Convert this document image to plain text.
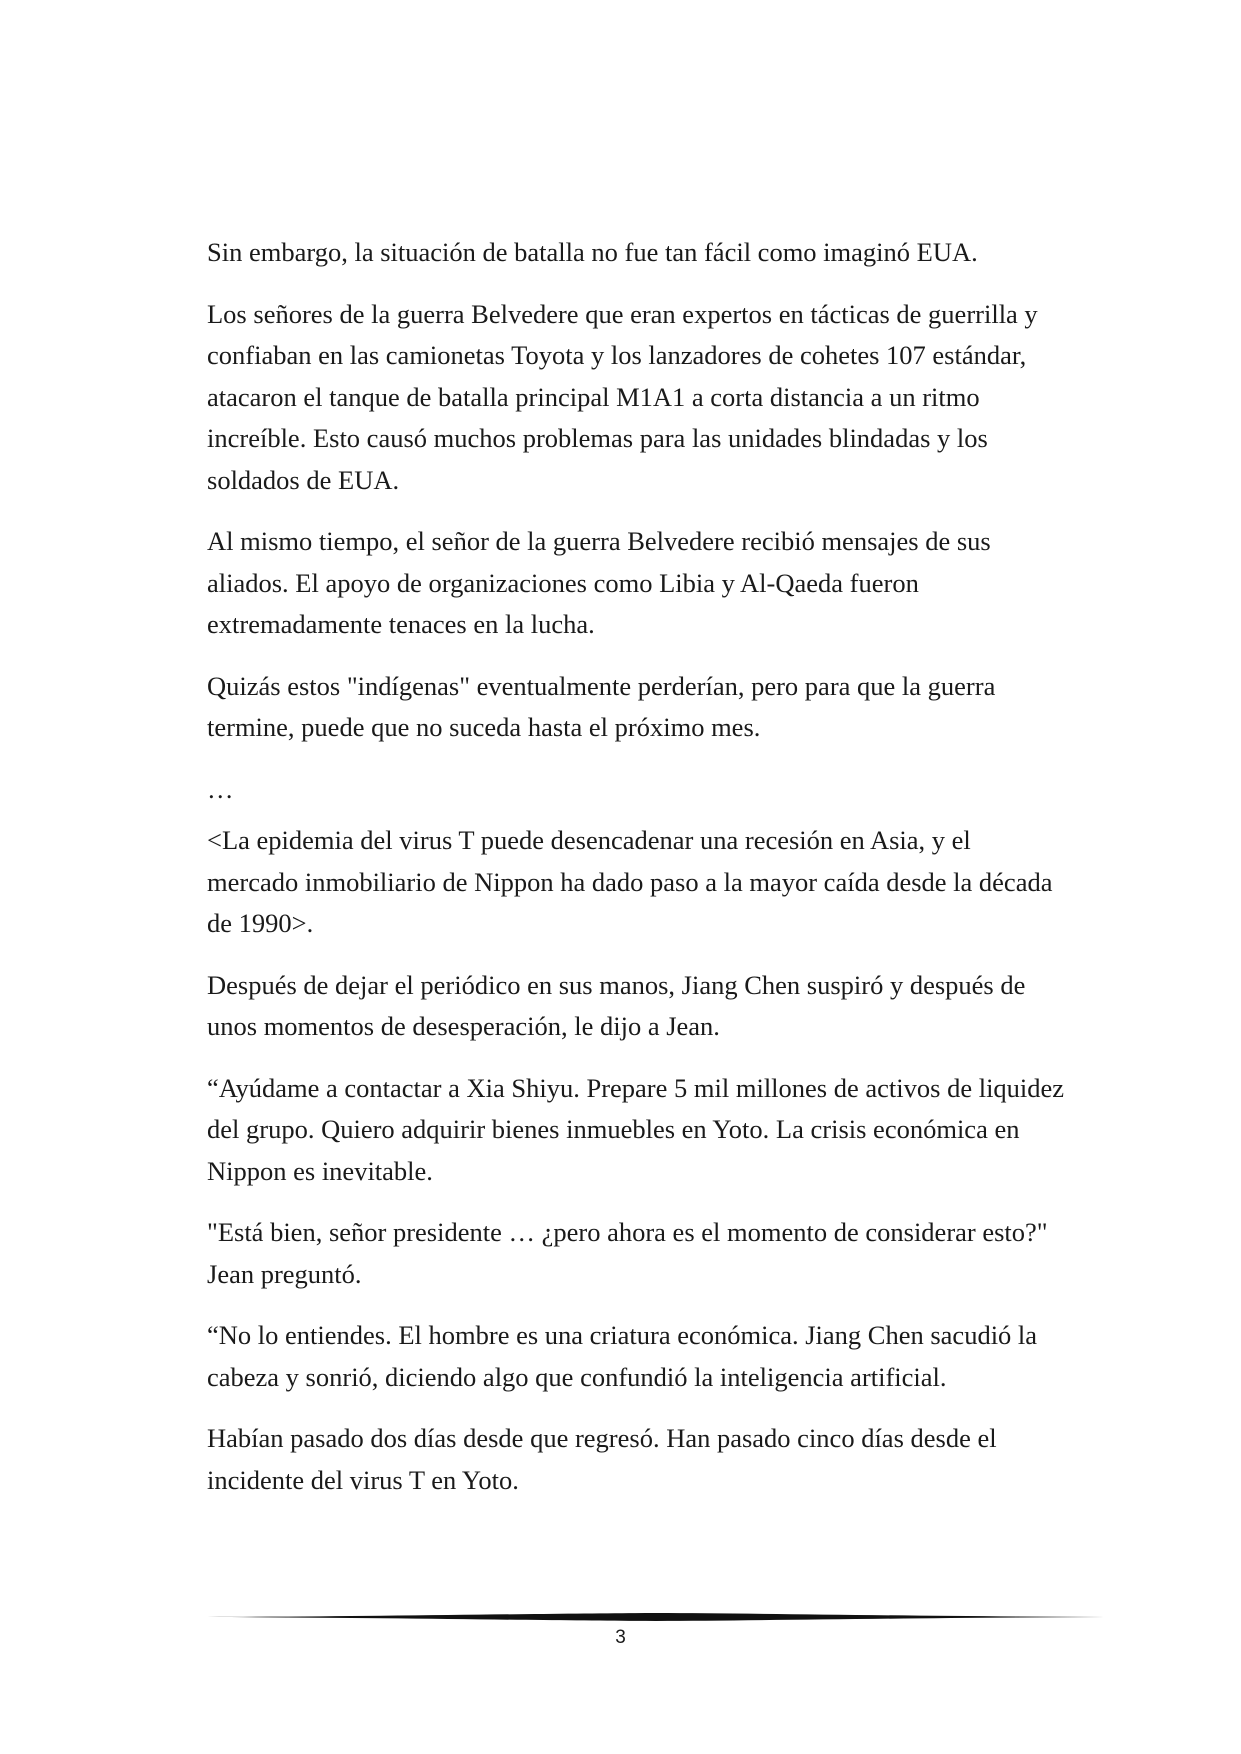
Sin embargo, la situación de batalla no fue tan fácil como imaginó EUA.

Los señores de la guerra Belvedere que eran expertos en tácticas de guerrilla y confiaban en las camionetas Toyota y los lanzadores de cohetes 107 estándar, atacaron el tanque de batalla principal M1A1 a corta distancia a un ritmo increíble. Esto causó muchos problemas para las unidades blindadas y los soldados de EUA.

Al mismo tiempo, el señor de la guerra Belvedere recibió mensajes de sus aliados. El apoyo de organizaciones como Libia y Al-Qaeda fueron extremadamente tenaces en la lucha.

Quizás estos "indígenas" eventualmente perderían, pero para que la guerra termine, puede que no suceda hasta el próximo mes.

…

<La epidemia del virus T puede desencadenar una recesión en Asia, y el mercado inmobiliario de Nippon ha dado paso a la mayor caída desde la década de 1990>.

Después de dejar el periódico en sus manos, Jiang Chen suspiró y después de unos momentos de desesperación, le dijo a Jean.

“Ayúdame a contactar a Xia Shiyu. Prepare 5 mil millones de activos de liquidez del grupo. Quiero adquirir bienes inmuebles en Yoto. La crisis económica en Nippon es inevitable.

"Está bien, señor presidente … ¿pero ahora es el momento de considerar esto?" Jean preguntó.

“No lo entiendes. El hombre es una criatura económica. Jiang Chen sacudió la cabeza y sonrió, diciendo algo que confundió la inteligencia artificial.

Habían pasado dos días desde que regresó. Han pasado cinco días desde el incidente del virus T en Yoto.

3
